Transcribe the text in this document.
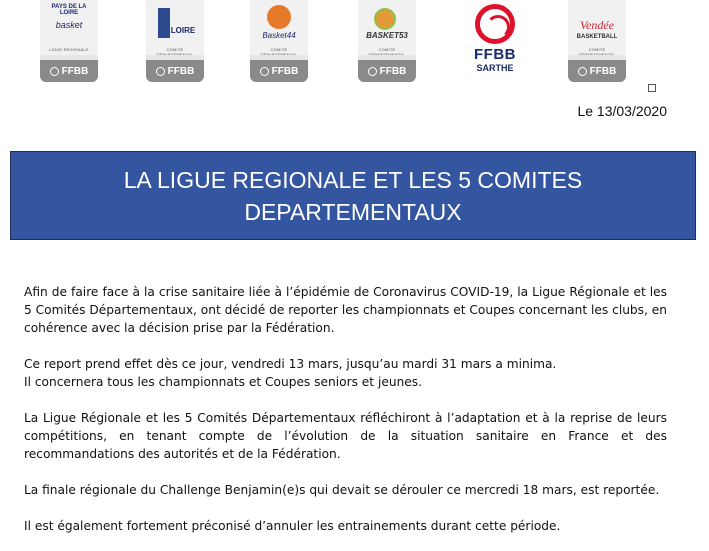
PAYS DE LA LOIRE
basket
LIGUE RÉGIONALE
FFBB
LOIRE
COMITÉ
FFBB
Basket44
COMITÉ
FFBB
BASKET53
COMITÉ
FFBB
FFBB
SARTHE
Vendée
BASKETBALL
COMITÉ
FFBB
Le 13/03/2020
LA LIGUE REGIONALE ET LES 5 COMITES
DEPARTEMENTAUX

Afin de faire face à la crise sanitaire liée à l’épidémie de Coronavirus COVID-19, la Ligue Régionale et les 5 Comités Départementaux, ont décidé de reporter les championnats et Coupes concernant les clubs, en cohérence avec la décision prise par la Fédération.

Ce report prend effet dès ce jour, vendredi 13 mars, jusqu’au mardi 31 mars a minima.

Il concernera tous les championnats et Coupes seniors et jeunes.

La Ligue Régionale et les 5 Comités Départementaux réfléchiront à l’adaptation et à la reprise de leurs compétitions, en tenant compte de l’évolution de la situation sanitaire en France et des recommandations des autorités et de la Fédération.

La finale régionale du Challenge Benjamin(e)s qui devait se dérouler ce mercredi 18 mars, est reportée.

Il est également fortement préconisé d’annuler les entrainements durant cette période.
